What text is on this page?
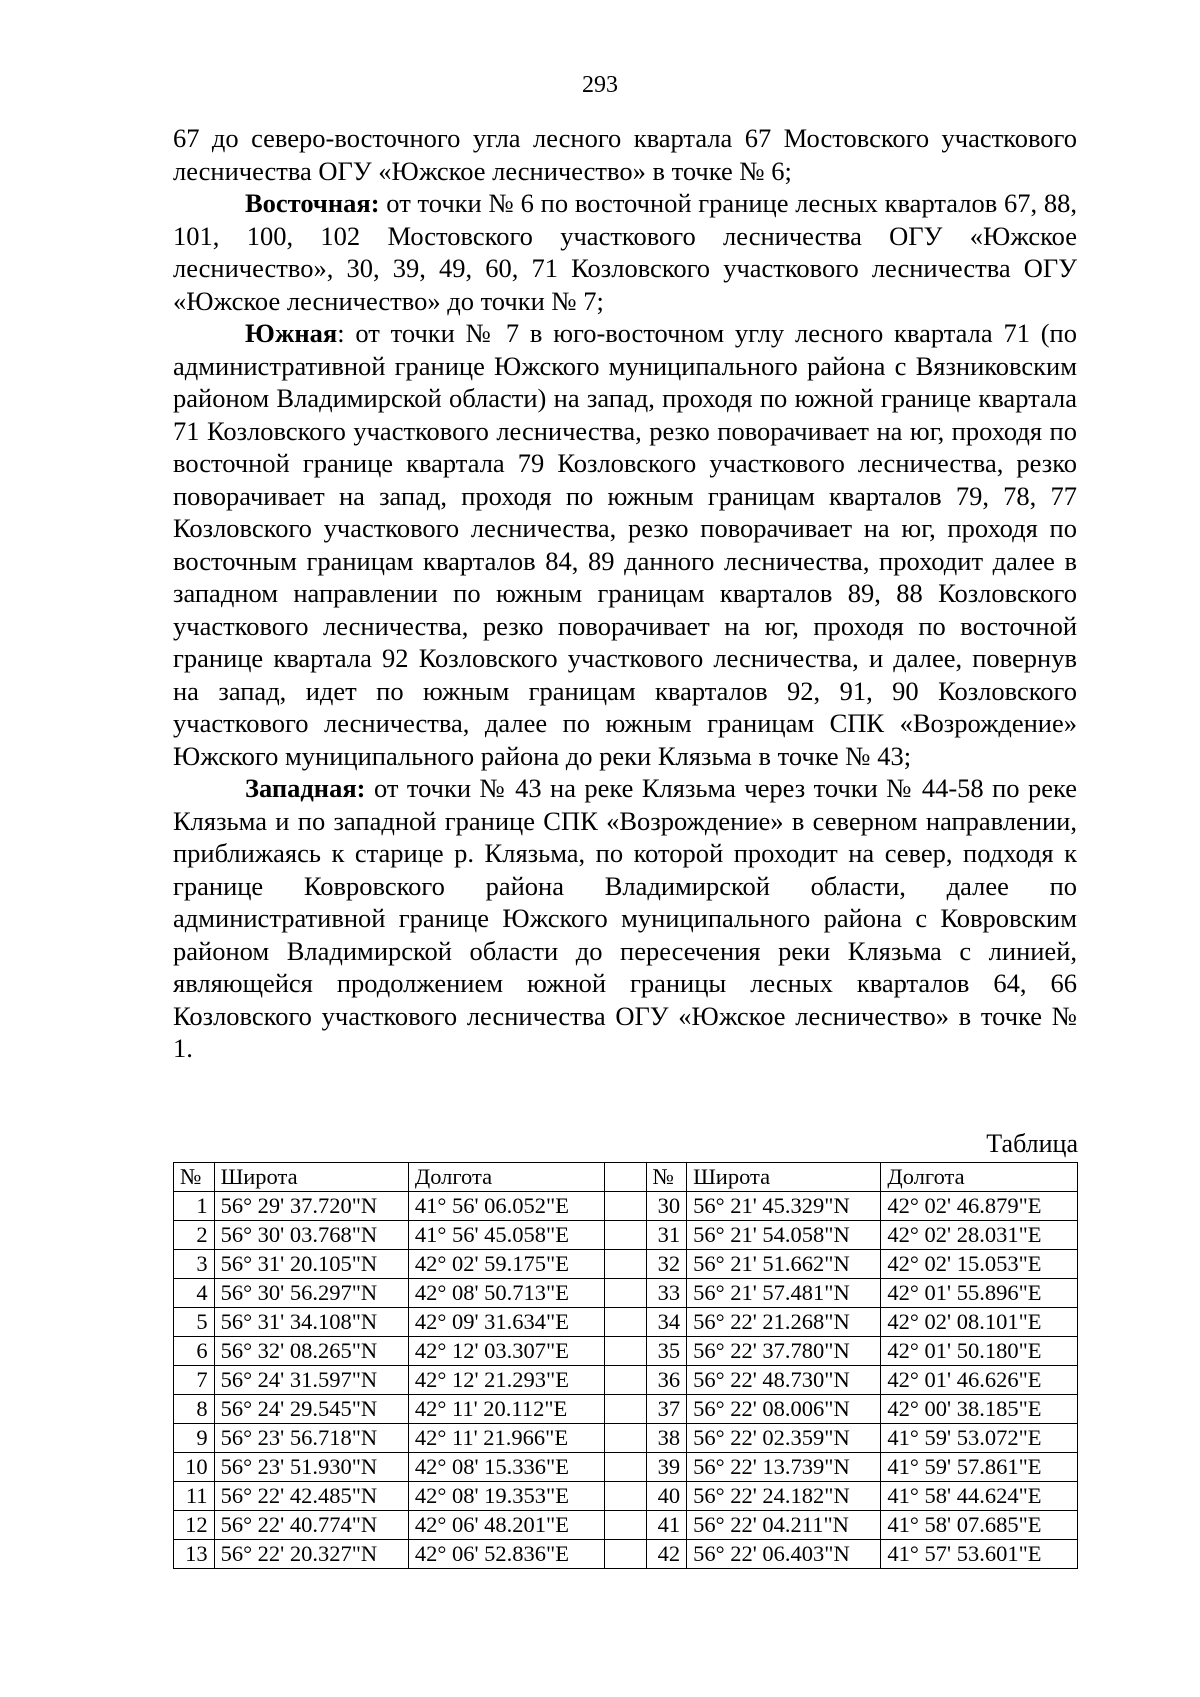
293

67 до северо-восточного угла лесного квартала 67 Мостовского участкового лесничества ОГУ «Южское лесничество» в точке № 6;

Восточная: от точки № 6 по восточной границе лесных кварталов 67, 88, 101, 100, 102 Мостовского участкового лесничества ОГУ «Южское лесничество», 30, 39, 49, 60, 71 Козловского участкового лесничества ОГУ «Южское лесничество» до точки № 7;

Южная: от точки № 7 в юго-восточном углу лесного квартала 71 (по административной границе Южского муниципального района с Вязниковским районом Владимирской области) на запад, проходя по южной границе квартала 71 Козловского участкового лесничества, резко поворачивает на юг, проходя по восточной границе квартала 79 Козловского участкового лесничества, резко поворачивает на запад, проходя по южным границам кварталов 79, 78, 77 Козловского участкового лесничества, резко поворачивает на юг, проходя по восточным границам кварталов 84, 89 данного лесничества, проходит далее в западном направлении по южным границам кварталов 89, 88 Козловского участкового лесничества, резко поворачивает на юг, проходя по восточной границе квартала 92 Козловского участкового лесничества, и далее, повернув на запад, идет по южным границам кварталов 92, 91, 90 Козловского участкового лесничества, далее по южным границам СПК «Возрождение» Южского муниципального района до реки Клязьма в точке № 43;

Западная: от точки № 43 на реке Клязьма через точки № 44-58 по реке Клязьма и по западной границе СПК «Возрождение» в северном направлении, приближаясь к старице р. Клязьма, по которой проходит на север, подходя к границе Ковровского района Владимирской области, далее по административной границе Южского муниципального района с Ковровским районом Владимирской области до пересечения реки Клязьма с линией, являющейся продолжением южной границы лесных кварталов 64, 66 Козловского участкового лесничества ОГУ «Южское лесничество» в точке № 1.

Таблица
№	Широта	Долгота		№	Широта	Долгота
1	56° 29' 37.720"N	41° 56' 06.052"E		30	56° 21' 45.329"N	42° 02' 46.879"E
2	56° 30' 03.768"N	41° 56' 45.058"E		31	56° 21' 54.058"N	42° 02' 28.031"E
3	56° 31' 20.105"N	42° 02' 59.175"E		32	56° 21' 51.662"N	42° 02' 15.053"E
4	56° 30' 56.297"N	42° 08' 50.713"E		33	56° 21' 57.481"N	42° 01' 55.896"E
5	56° 31' 34.108"N	42° 09' 31.634"E		34	56° 22' 21.268"N	42° 02' 08.101"E
6	56° 32' 08.265"N	42° 12' 03.307"E		35	56° 22' 37.780"N	42° 01' 50.180"E
7	56° 24' 31.597"N	42° 12' 21.293"E		36	56° 22' 48.730"N	42° 01' 46.626"E
8	56° 24' 29.545"N	42° 11' 20.112"E		37	56° 22' 08.006"N	42° 00' 38.185"E
9	56° 23' 56.718"N	42° 11' 21.966"E		38	56° 22' 02.359"N	41° 59' 53.072"E
10	56° 23' 51.930"N	42° 08' 15.336"E		39	56° 22' 13.739"N	41° 59' 57.861"E
11	56° 22' 42.485"N	42° 08' 19.353"E		40	56° 22' 24.182"N	41° 58' 44.624"E
12	56° 22' 40.774"N	42° 06' 48.201"E		41	56° 22' 04.211"N	41° 58' 07.685"E
13	56° 22' 20.327"N	42° 06' 52.836"E		42	56° 22' 06.403"N	41° 57' 53.601"E
